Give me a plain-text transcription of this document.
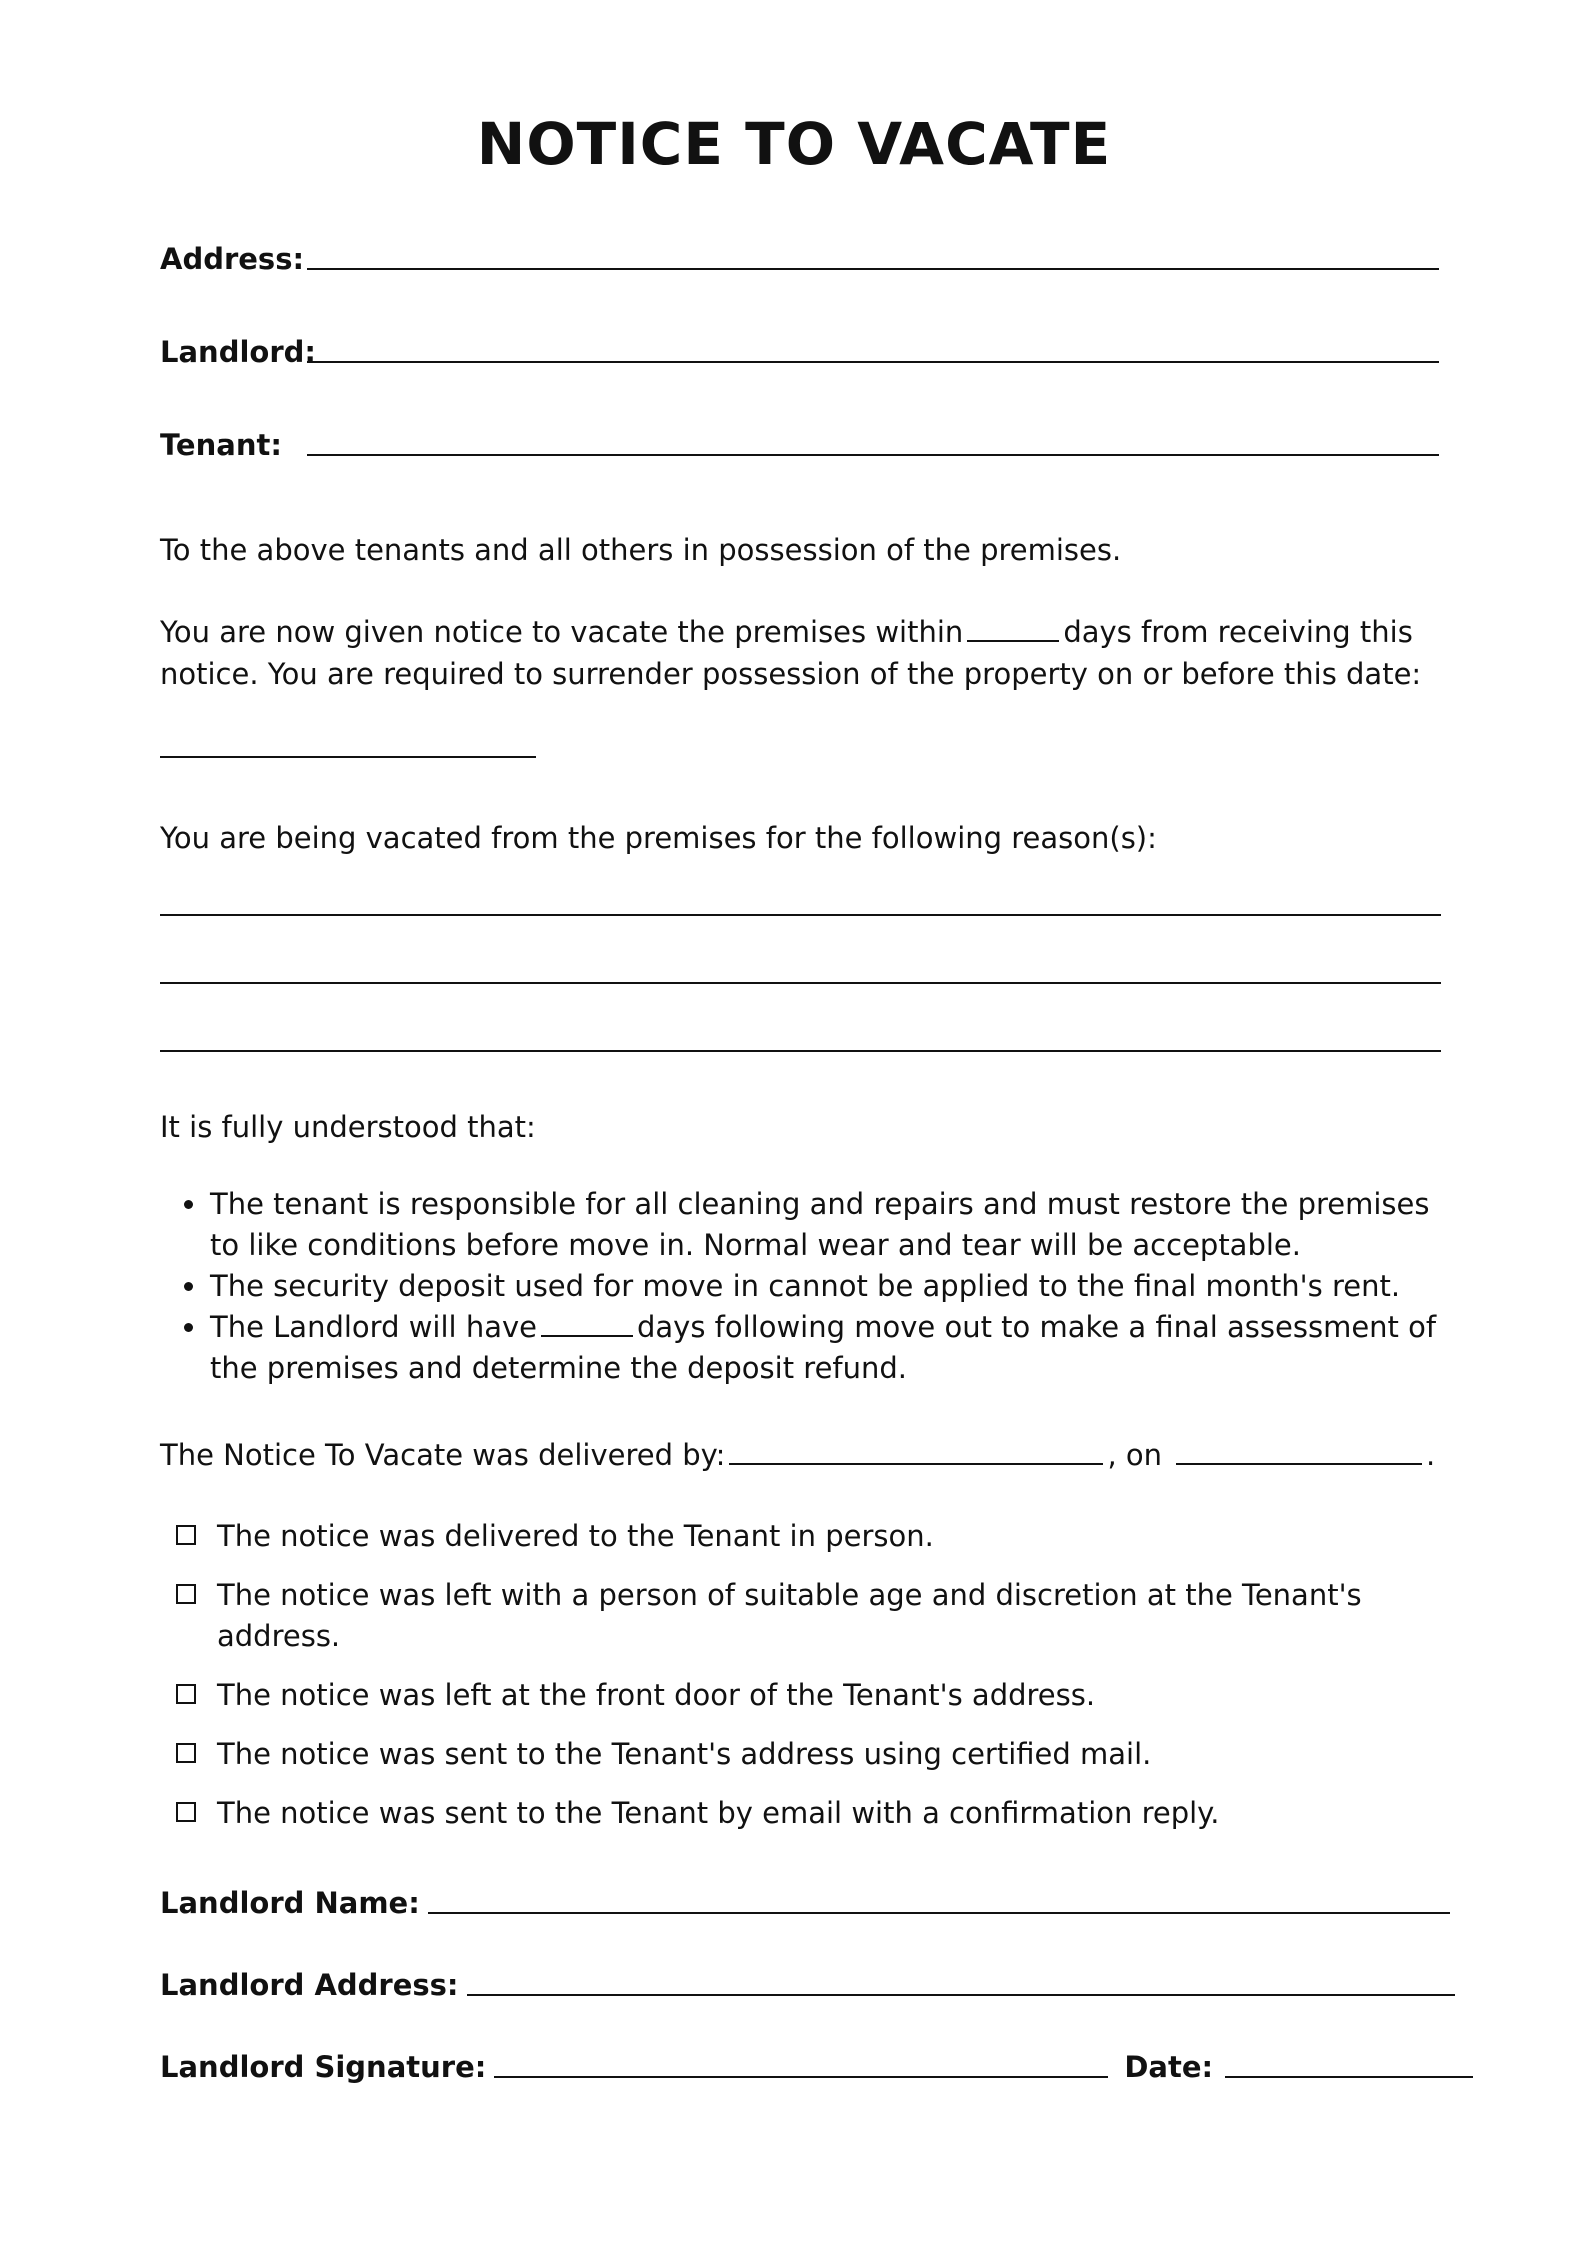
NOTICE TO VACATE
Address:
Landlord:
Tenant:
To the above tenants and all others in possession of the premises.
You are now given notice to vacate the premises within	days from receiving this notice. You are required to surrender possession of the property on or before this date:
You are being vacated from the premises for the following reason(s):
It is fully understood that:
The tenant is responsible for all cleaning and repairs and must restore the premises to like conditions before move in. Normal wear and tear will be acceptable.
The security deposit used for move in cannot be applied to the final month's rent.
The Landlord will have	days following move out to make a final assessment of the premises and determine the deposit refund.
The Notice To Vacate was delivered by:	, on	.
The notice was delivered to the Tenant in person.
The notice was left with a person of suitable age and discretion at the Tenant's address.
The notice was left at the front door of the Tenant's address.
The notice was sent to the Tenant's address using certified mail.
The notice was sent to the Tenant by email with a confirmation reply.
Landlord Name:
Landlord Address:
Landlord Signature:	Date:
